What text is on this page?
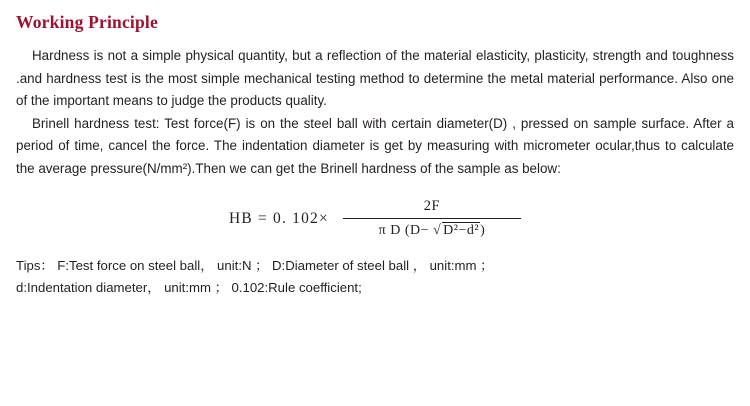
Working Principle

Hardness is not a simple physical quantity, but a reflection of the material elasticity, plasticity, strength and toughness .and hardness test is the most simple mechanical testing method to determine the metal material performance. Also one of the important means to judge the products quality.

Brinell hardness test: Test force(F) is on the steel ball with certain diameter(D) , pressed on sample surface. After a period of time, cancel the force. The indentation diameter is get by measuring with micrometer ocular,thus to calculate the average pressure(N/mm²).Then we can get the Brinell hardness of the sample as below:

HB = 0. $102\times \frac{2F}{\text{π D (D− √ D²−d²)}}$
Tips： F:Test force on steel ball， unit:N ； D:Diameter of steel ball ， unit:mm ；
d:Indentation diameter， unit:mm ； 0.102:Rule coefficient;
